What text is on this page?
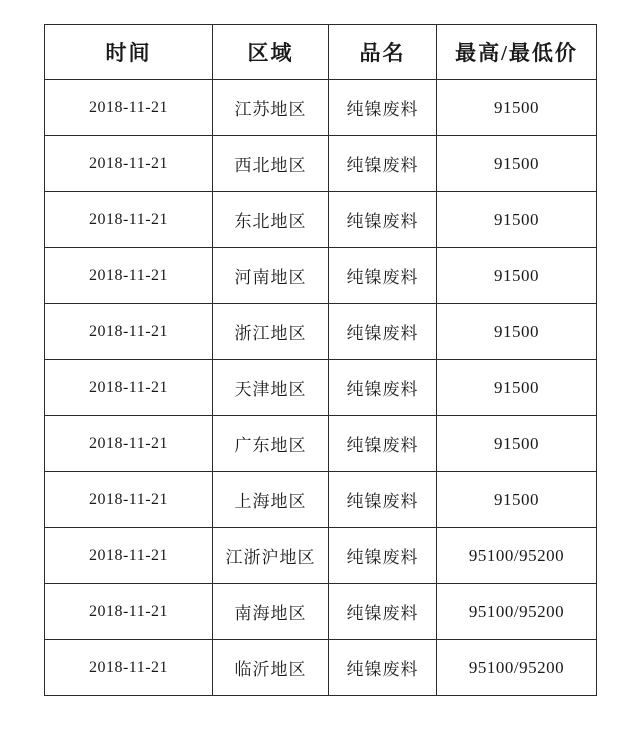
时间	区域	品名	最高/最低价
2018-11-21	江苏地区	纯镍废料	91500
2018-11-21	西北地区	纯镍废料	91500
2018-11-21	东北地区	纯镍废料	91500
2018-11-21	河南地区	纯镍废料	91500
2018-11-21	浙江地区	纯镍废料	91500
2018-11-21	天津地区	纯镍废料	91500
2018-11-21	广东地区	纯镍废料	91500
2018-11-21	上海地区	纯镍废料	91500
2018-11-21	江浙沪地区	纯镍废料	95100/95200
2018-11-21	南海地区	纯镍废料	95100/95200
2018-11-21	临沂地区	纯镍废料	95100/95200
